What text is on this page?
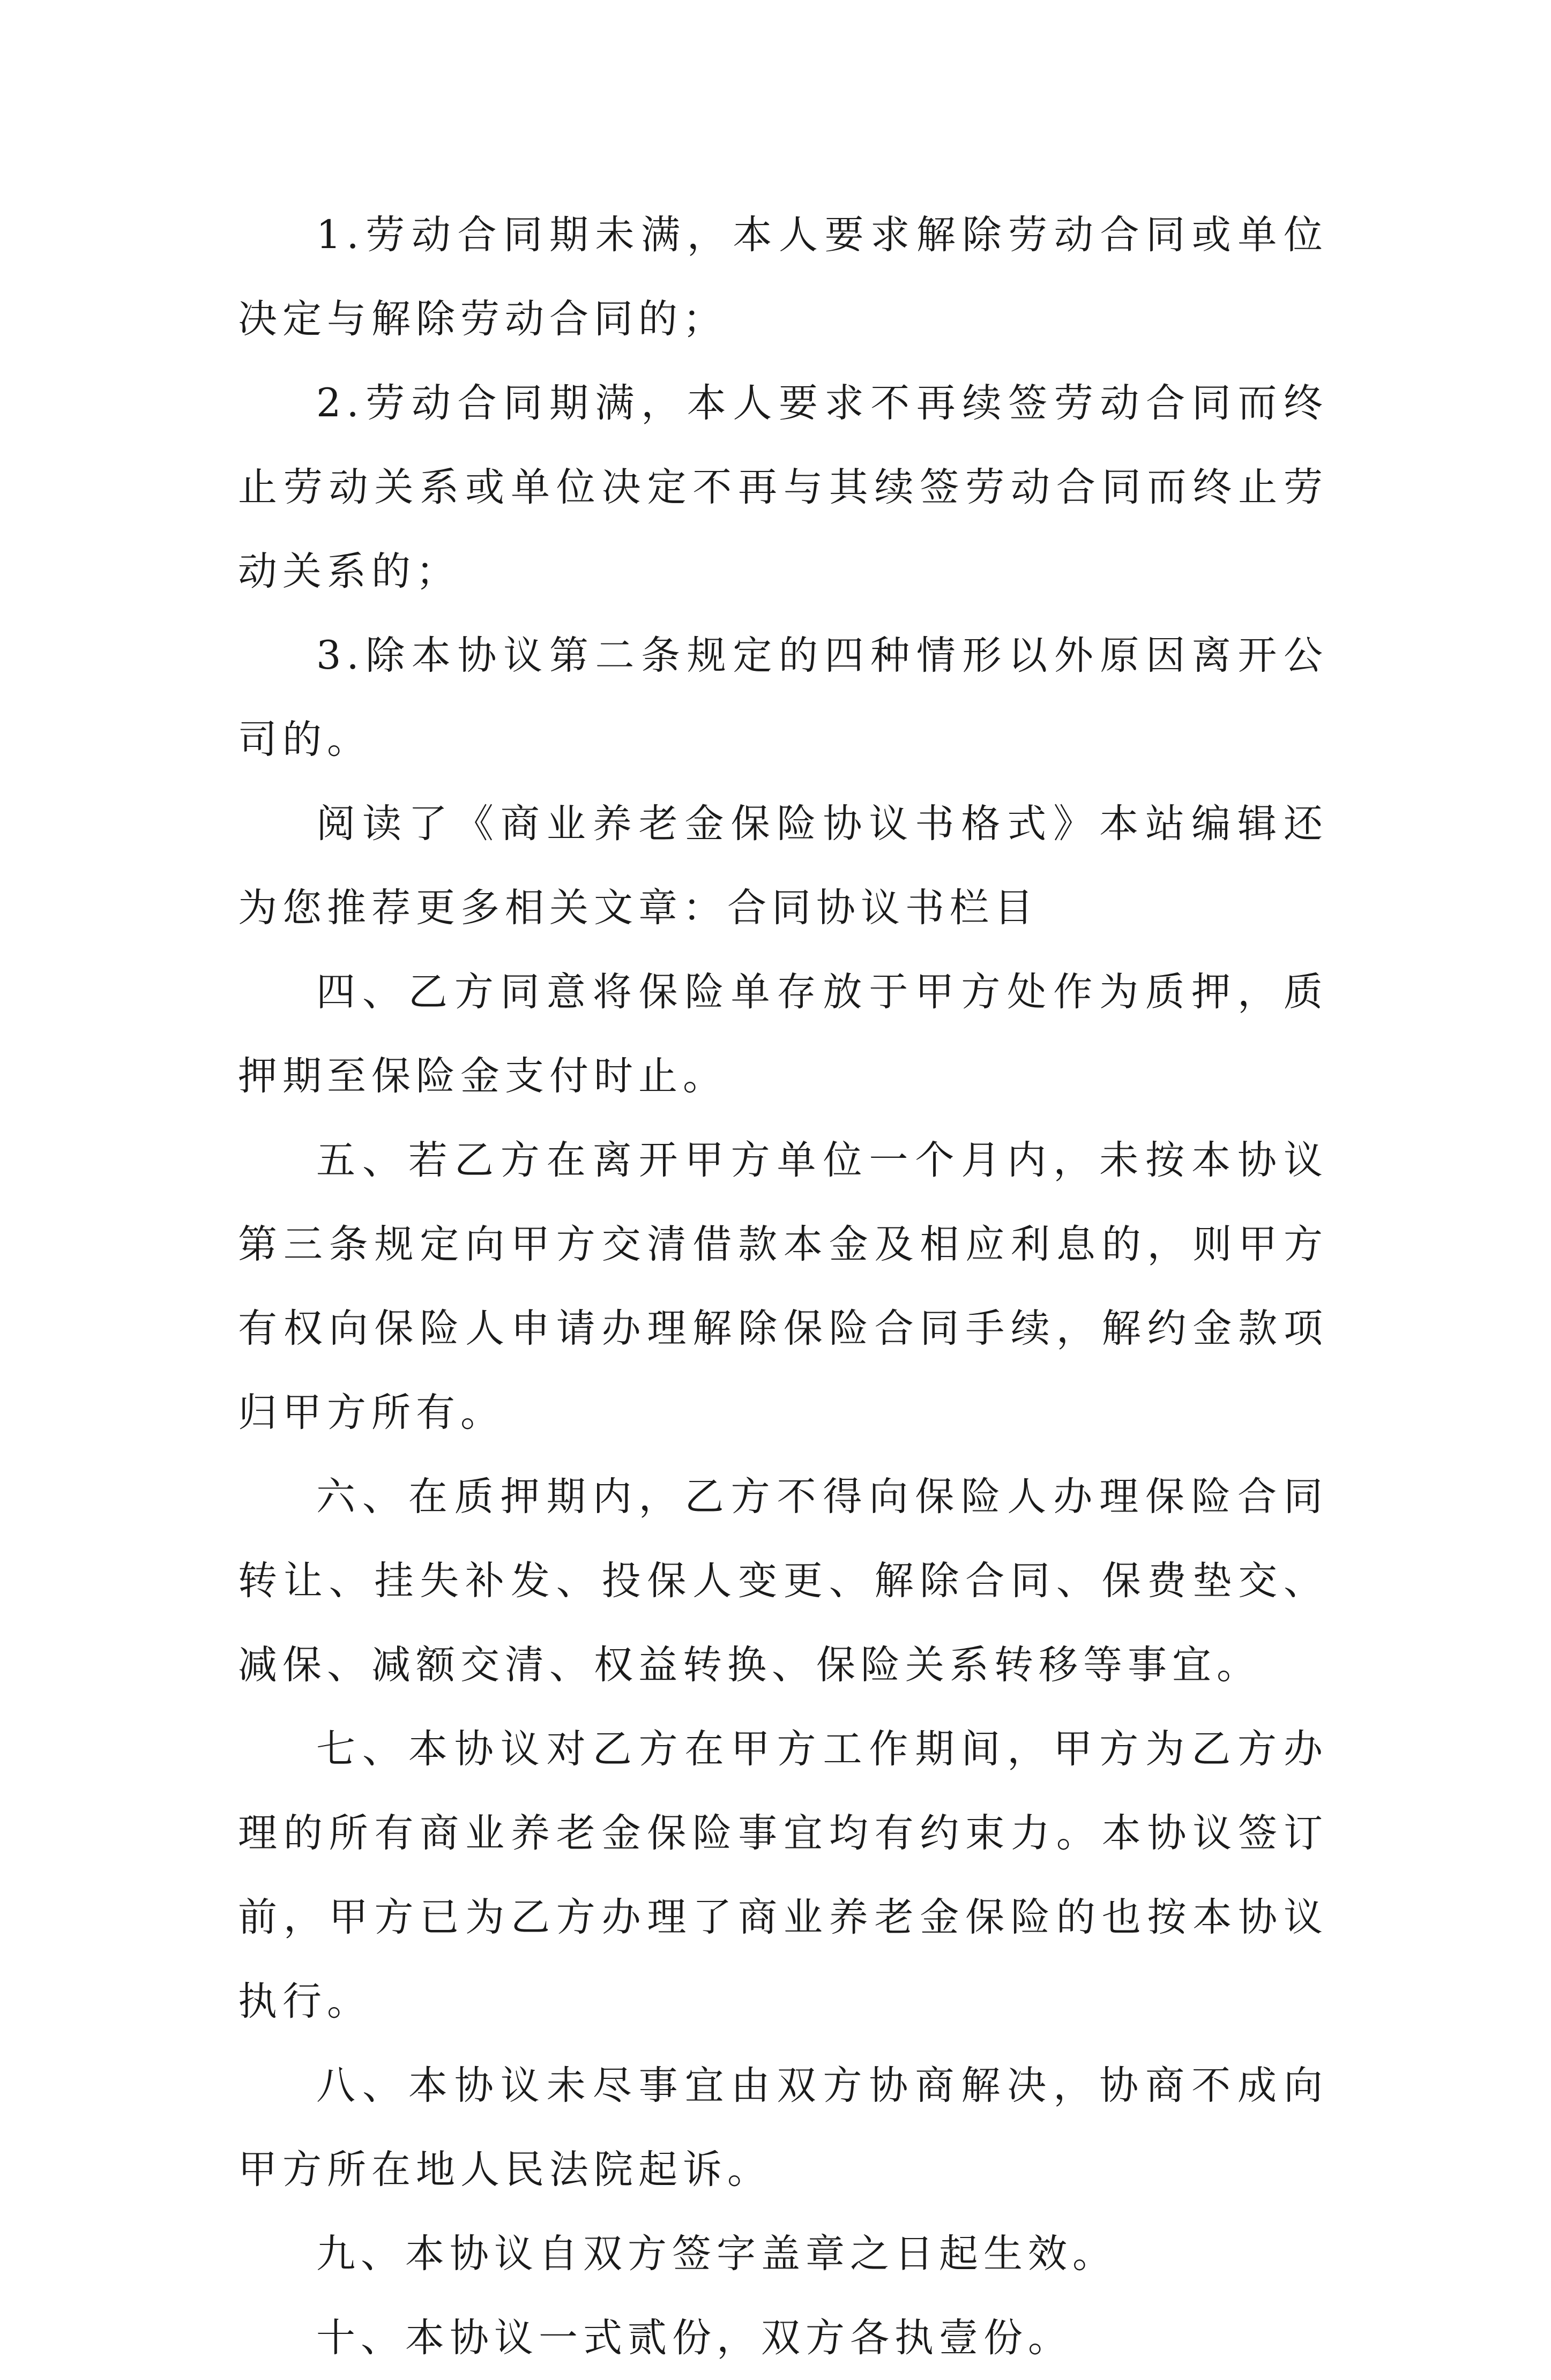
1.劳动合同期未满，本人要求解除劳动合同或单位决定与解除劳动合同的；

2.劳动合同期满，本人要求不再续签劳动合同而终止劳动关系或单位决定不再与其续签劳动合同而终止劳动关系的；

3.除本协议第二条规定的四种情形以外原因离开公司的。

阅读了《商业养老金保险协议书格式》本站编辑还为您推荐更多相关文章：合同协议书栏目

四、乙方同意将保险单存放于甲方处作为质押，质押期至保险金支付时止。

五、若乙方在离开甲方单位一个月内，未按本协议第三条规定向甲方交清借款本金及相应利息的，则甲方有权向保险人申请办理解除保险合同手续，解约金款项归甲方所有。

六、在质押期内，乙方不得向保险人办理保险合同转让、挂失补发、投保人变更、解除合同、保费垫交、减保、减额交清、权益转换、保险关系转移等事宜。

七、本协议对乙方在甲方工作期间，甲方为乙方办理的所有商业养老金保险事宜均有约束力。本协议签订前，甲方已为乙方办理了商业养老金保险的也按本协议执行。

八、本协议未尽事宜由双方协商解决，协商不成向甲方所在地人民法院起诉。

九、本协议自双方签字盖章之日起生效。

十、本协议一式贰份，双方各执壹份。
